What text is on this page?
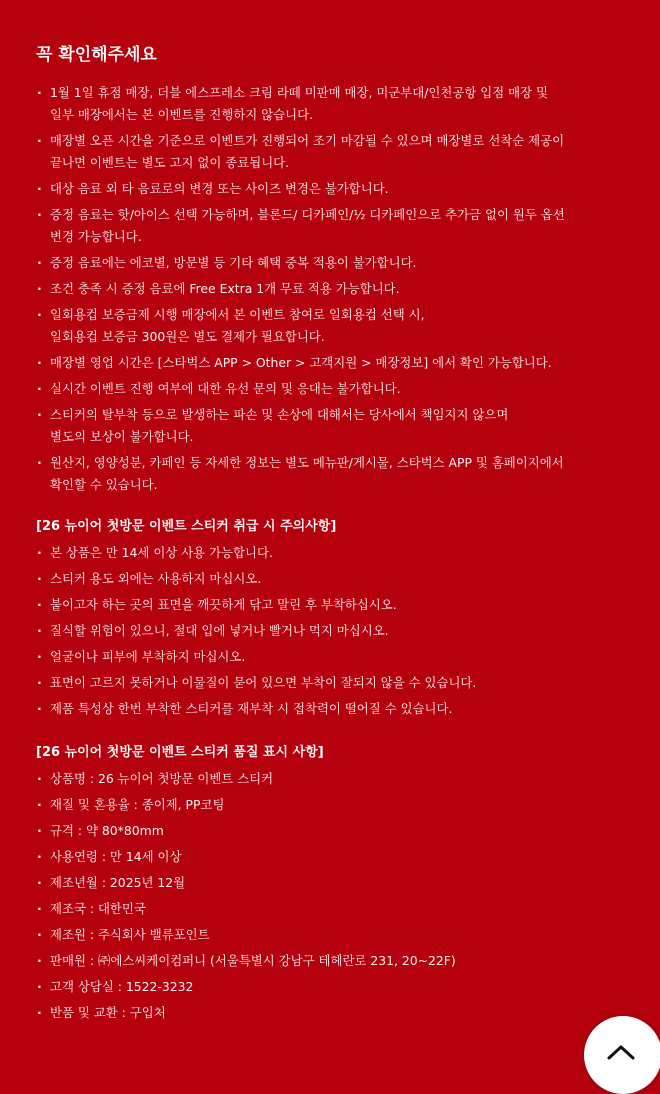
꼭 확인해주세요
· 1월 1일 휴점 매장, 더블 에스프레소 크림 라떼 미판매 매장, 미군부대/인천공항 입점 매장 및
일부 매장에서는 본 이벤트를 진행하지 않습니다.
· 매장별 오픈 시간을 기준으로 이벤트가 진행되어 조기 마감될 수 있으며 매장별로 선착순 제공이
끝나면 이벤트는 별도 고지 없이 종료됩니다.
· 대상 음료 외 타 음료로의 변경 또는 사이즈 변경은 불가합니다.
· 증정 음료는 핫/아이스 선택 가능하며, 블론드/ 디카페인/½ 디카페인으로 추가금 없이 원두 옵션
변경 가능합니다.
· 증정 음료에는 에코별, 방문별 등 기타 혜택 중복 적용이 불가합니다.
· 조건 충족 시 증정 음료에 Free Extra 1개 무료 적용 가능합니다.
· 일회용컵 보증금제 시행 매장에서 본 이벤트 참여로 일회용컵 선택 시,
일회용컵 보증금 300원은 별도 결제가 필요합니다.
· 매장별 영업 시간은 [스타벅스 APP > Other > 고객지원 > 매장정보] 에서 확인 가능합니다.
· 실시간 이벤트 진행 여부에 대한 유선 문의 및 응대는 불가합니다.
· 스티커의 탈부착 등으로 발생하는 파손 및 손상에 대해서는 당사에서 책임지지 않으며
별도의 보상이 불가합니다.
· 원산지, 영양성분, 카페인 등 자세한 정보는 별도 메뉴판/게시물, 스타벅스 APP 및 홈페이지에서
확인할 수 있습니다.
[26 뉴이어 첫방문 이벤트 스티커 취급 시 주의사항]
· 본 상품은 만 14세 이상 사용 가능합니다.
· 스티커 용도 외에는 사용하지 마십시오.
· 붙이고자 하는 곳의 표면을 깨끗하게 닦고 말린 후 부착하십시오.
· 질식할 위험이 있으니, 절대 입에 넣거나 빨거나 먹지 마십시오.
· 얼굴이나 피부에 부착하지 마십시오.
· 표면이 고르지 못하거나 이물질이 묻어 있으면 부착이 잘되지 않을 수 있습니다.
· 제품 특성상 한번 부착한 스티커를 재부착 시 접착력이 떨어질 수 있습니다.
[26 뉴이어 첫방문 이벤트 스티커 품질 표시 사항]
· 상품명 : 26 뉴이어 첫방문 이벤트 스티커
· 재질 및 혼용율 : 종이제, PP코팅
· 규격 : 약 80*80mm
· 사용연령 : 만 14세 이상
· 제조년월 : 2025년 12월
· 제조국 : 대한민국
· 제조원 : 주식회사 밸류포인트
· 판매원 : ㈜에스씨케이컴퍼니 (서울특별시 강남구 테헤란로 231, 20~22F)
· 고객 상담실 : 1522-3232
· 반품 및 교환 : 구입처
